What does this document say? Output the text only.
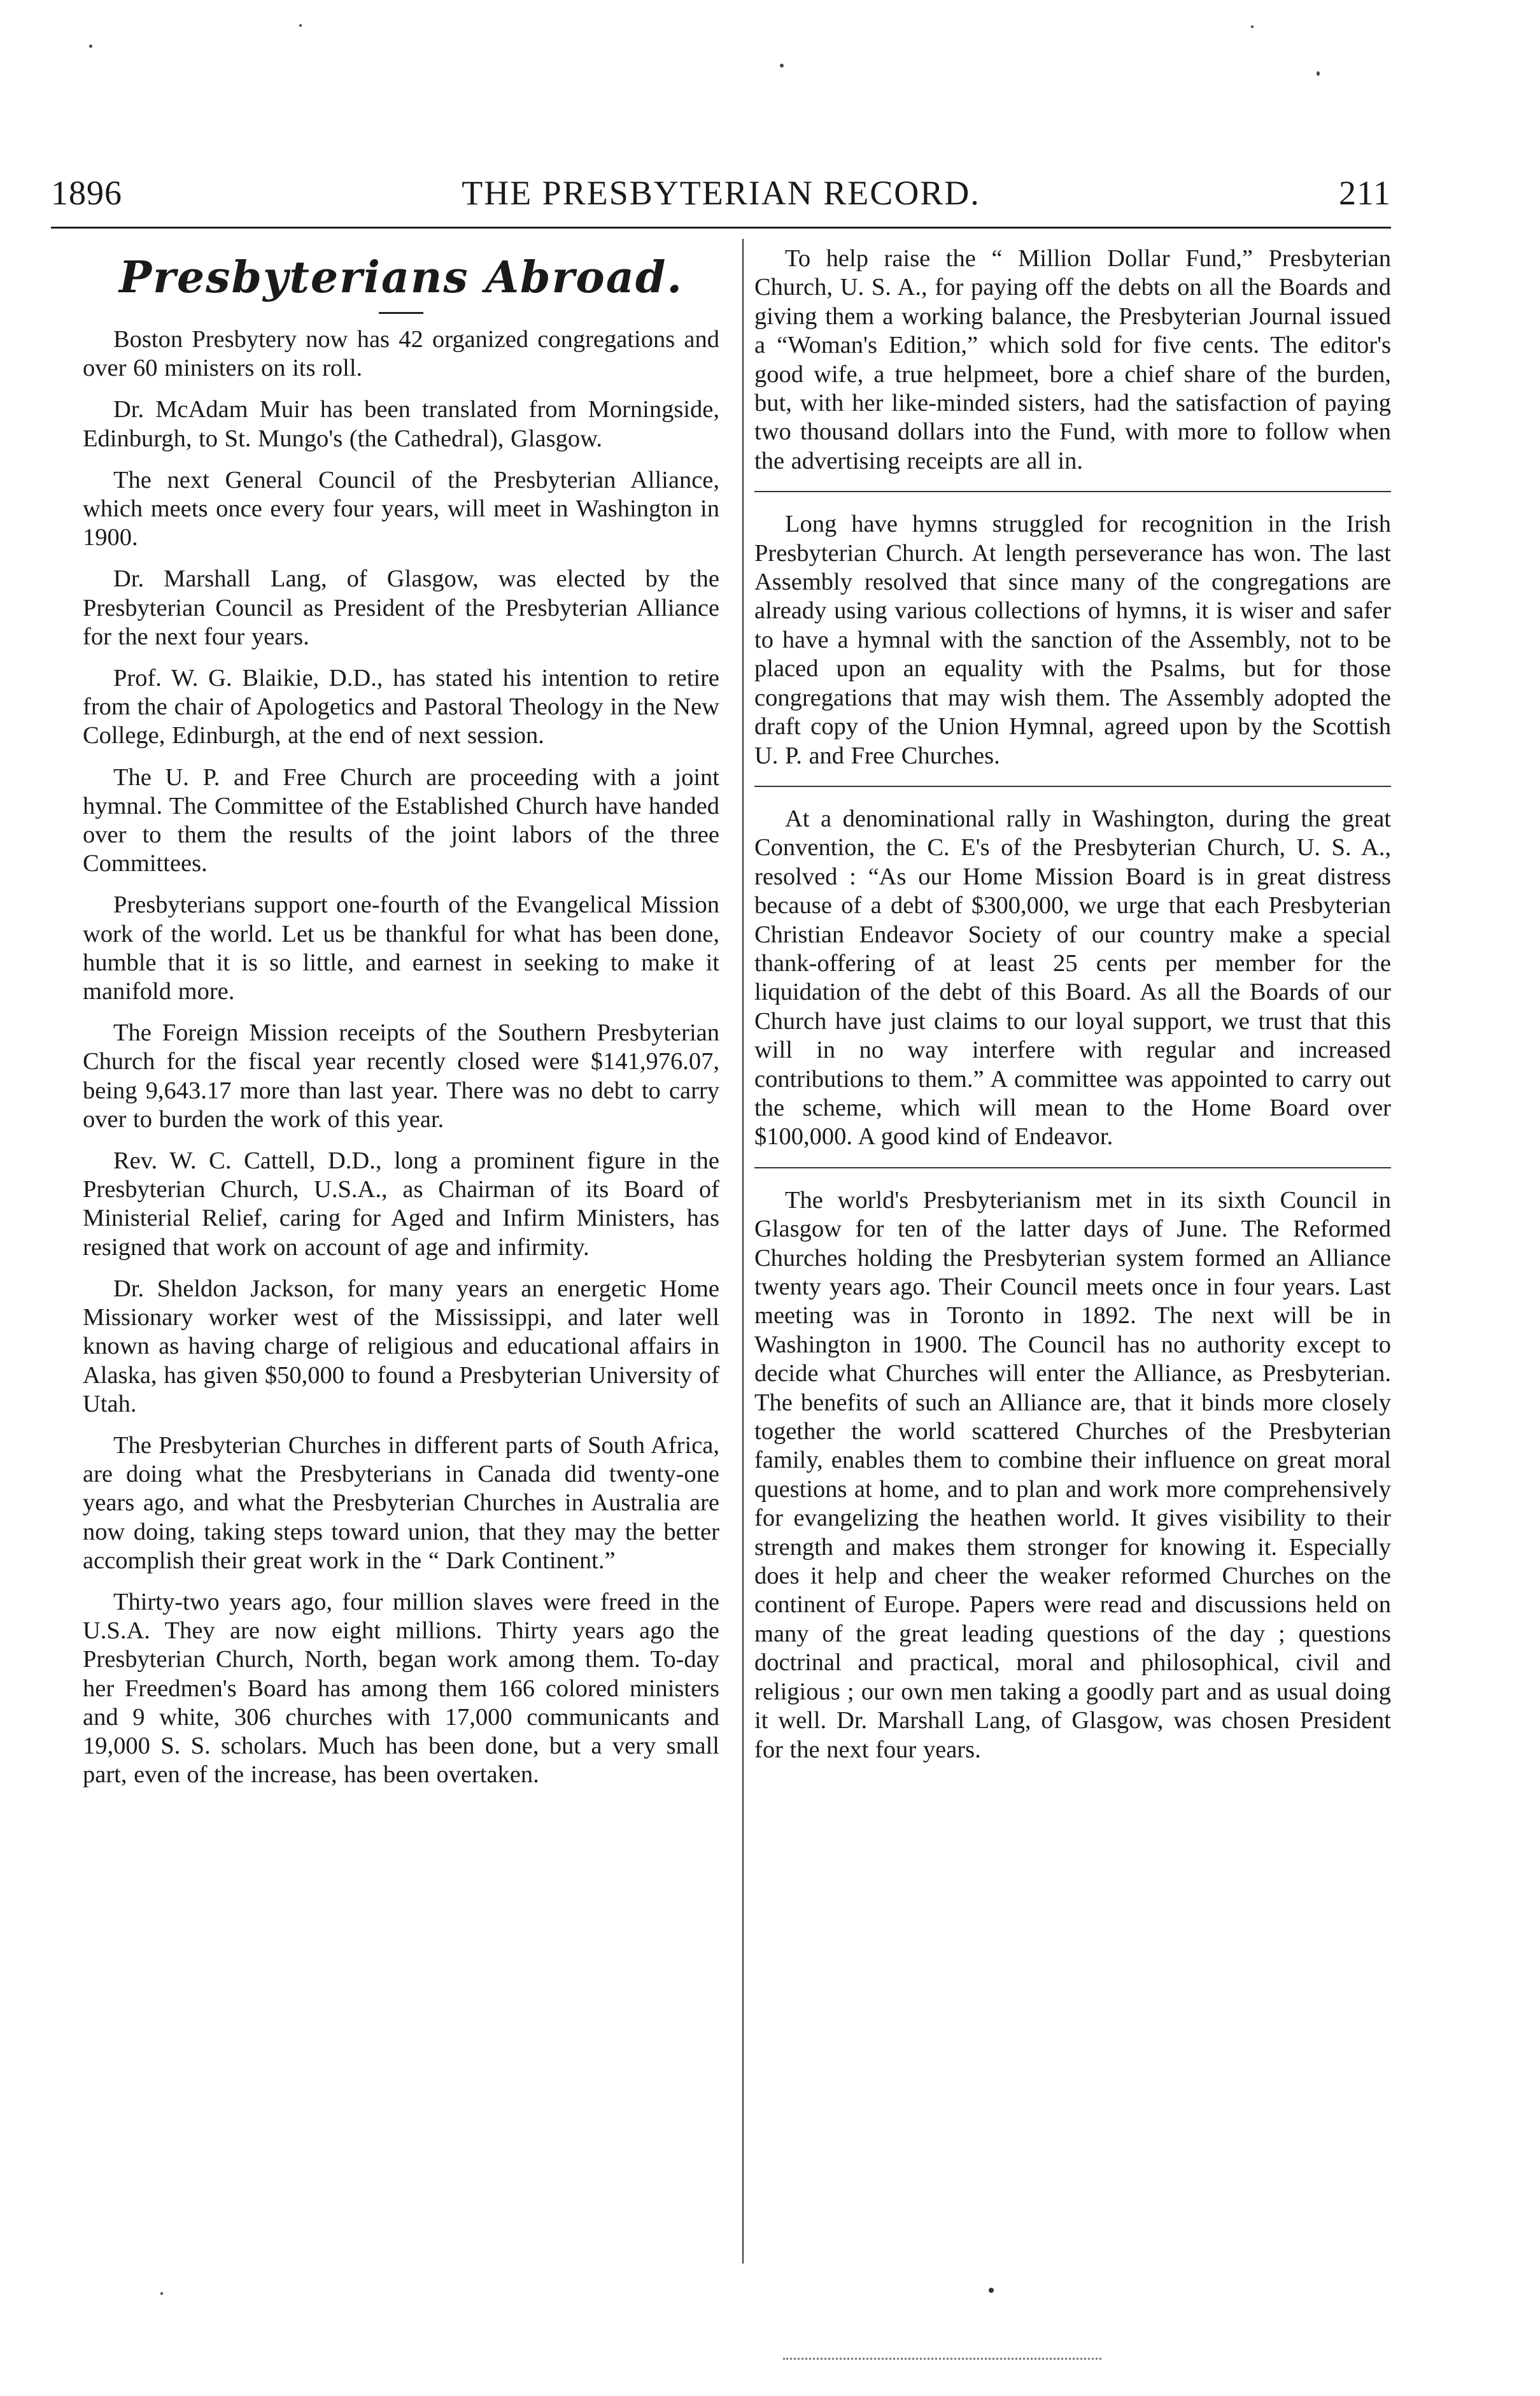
1896	THE PRESBYTERIAN RECORD.	211
Presbyterians Abroad.

Boston Presbytery now has 42 organized congregations and over 60 ministers on its roll.

Dr. McAdam Muir has been translated from Morningside, Edinburgh, to St. Mungo's (the Cathedral), Glasgow.

The next General Council of the Presbyterian Alliance, which meets once every four years, will meet in Washington in 1900.

Dr. Marshall Lang, of Glasgow, was elected by the Presbyterian Council as President of the Presbyterian Alliance for the next four years.

Prof. W. G. Blaikie, D.D., has stated his intention to retire from the chair of Apologetics and Pastoral Theology in the New College, Edinburgh, at the end of next session.

The U. P. and Free Church are proceeding with a joint hymnal. The Committee of the Established Church have handed over to them the results of the joint labors of the three Committees.

Presbyterians support one-fourth of the Evangelical Mission work of the world. Let us be thankful for what has been done, humble that it is so little, and earnest in seeking to make it manifold more.

The Foreign Mission receipts of the Southern Presbyterian Church for the fiscal year recently closed were $141,976.07, being 9,643.17 more than last year. There was no debt to carry over to burden the work of this year.

Rev. W. C. Cattell, D.D., long a prominent figure in the Presbyterian Church, U.S.A., as Chairman of its Board of Ministerial Relief, caring for Aged and Infirm Ministers, has resigned that work on account of age and infirmity.

Dr. Sheldon Jackson, for many years an energetic Home Missionary worker west of the Mississippi, and later well known as having charge of religious and educational affairs in Alaska, has given $50,000 to found a Presbyterian University of Utah.

The Presbyterian Churches in different parts of South Africa, are doing what the Presbyterians in Canada did twenty-one years ago, and what the Presbyterian Churches in Australia are now doing, taking steps toward union, that they may the better accomplish their great work in the “ Dark Continent.”

Thirty-two years ago, four million slaves were freed in the U.S.A. They are now eight millions. Thirty years ago the Presbyterian Church, North, began work among them. To-day her Freedmen's Board has among them 166 colored ministers and 9 white, 306 churches with 17,000 communicants and 19,000 S. S. scholars. Much has been done, but a very small part, even of the increase, has been overtaken.

To help raise the “ Million Dollar Fund,” Presbyterian Church, U. S. A., for paying off the debts on all the Boards and giving them a working balance, the Presbyterian Journal issued a “Woman's Edition,” which sold for five cents. The editor's good wife, a true helpmeet, bore a chief share of the burden, but, with her like-minded sisters, had the satisfaction of paying two thousand dollars into the Fund, with more to follow when the advertising receipts are all in.

Long have hymns struggled for recognition in the Irish Presbyterian Church. At length perseverance has won. The last Assembly resolved that since many of the congregations are already using various collections of hymns, it is wiser and safer to have a hymnal with the sanction of the Assembly, not to be placed upon an equality with the Psalms, but for those congregations that may wish them. The Assembly adopted the draft copy of the Union Hymnal, agreed upon by the Scottish U. P. and Free Churches.

At a denominational rally in Washington, during the great Convention, the C. E's of the Presbyterian Church, U. S. A., resolved : “As our Home Mission Board is in great distress because of a debt of $300,000, we urge that each Presbyterian Christian Endeavor Society of our country make a special thank-offering of at least 25 cents per member for the liquidation of the debt of this Board. As all the Boards of our Church have just claims to our loyal support, we trust that this will in no way interfere with regular and increased contributions to them.” A committee was appointed to carry out the scheme, which will mean to the Home Board over $100,000. A good kind of Endeavor.

The world's Presbyterianism met in its sixth Council in Glasgow for ten of the latter days of June. The Reformed Churches holding the Presbyterian system formed an Alliance twenty years ago. Their Council meets once in four years. Last meeting was in Toronto in 1892. The next will be in Washington in 1900. The Council has no authority except to decide what Churches will enter the Alliance, as Presbyterian. The benefits of such an Alliance are, that it binds more closely together the world scattered Churches of the Presbyterian family, enables them to combine their influence on great moral questions at home, and to plan and work more comprehensively for evangelizing the heathen world. It gives visibility to their strength and makes them stronger for knowing it. Especially does it help and cheer the weaker reformed Churches on the continent of Europe. Papers were read and discussions held on many of the great leading questions of the day ; questions doctrinal and practical, moral and philosophical, civil and religious ; our own men taking a goodly part and as usual doing it well. Dr. Marshall Lang, of Glasgow, was chosen President for the next four years.
